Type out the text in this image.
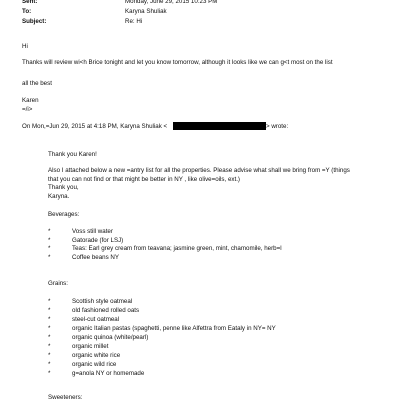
Sent:	Monday, June 29, 2015 10:23 PM
To:	Karyna Shuliak
Subject:	Re: Hi
Hi
Thanks will review wi<h Brice tonight and let you know tomorrow, although it looks like we can g<t most on the list
all the best
Karen
=/i>
On Mon,=Jun 29, 2015 at 4:18 PM, Karyna Shuliak <	> wrote:
Thank you Karen!
Also I attached below a new =antry list for all the properties. Please advise what shall we bring from =Y (things
that you can not find or that might be better in NY , like olive=oils, ext.)
Thank you,
Karyna.
Beverages:
*	Voss still water
*	Gatorade (for LSJ)
*	Teas: Earl grey cream from teavana; jasmine green, mint, chamomile, herb=l
*	Coffee beans NY
Grains:
*	Scottish style oatmeal
*	old fashioned rolled oats
*	steel-cut oatmeal
*	organic Italian pastas (spaghetti, penne like Alfettra from Eataly in NY= NY
*	organic quinoa (white/pearl)
*	organic millet
*	organic white rice
*	organic wild rice
*	g=anola NY or homemade
Sweeteners:
